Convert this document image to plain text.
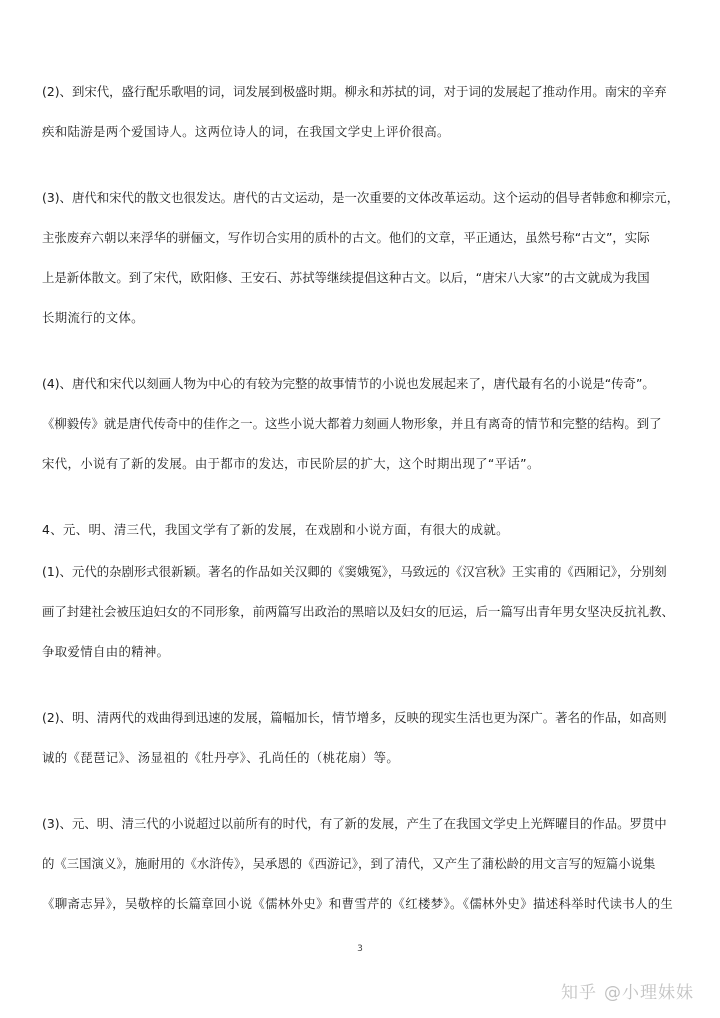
(2)、到宋代，盛行配乐歌唱的词，词发展到极盛时期。柳永和苏拭的词，对于词的发展起了推动作用。南宋的辛弃
疾和陆游是两个爱国诗人。这两位诗人的词，在我国文学史上评价很高。
(3)、唐代和宋代的散文也很发达。唐代的古文运动，是一次重要的文体改革运动。这个运动的倡导者韩愈和柳宗元，
主张废弃六朝以来浮华的骈俪文，写作切合实用的质朴的古文。他们的文章，平正通达，虽然号称“古文”，实际
上是新体散文。到了宋代，欧阳修、王安石、苏拭等继续提倡这种古文。以后，“唐宋八大家”的古文就成为我国
长期流行的文体。
(4)、唐代和宋代以刻画人物为中心的有较为完整的故事情节的小说也发展起来了，唐代最有名的小说是“传奇”。
《柳毅传》就是唐代传奇中的佳作之一。这些小说大都着力刻画人物形象，并且有离奇的情节和完整的结构。到了
宋代，小说有了新的发展。由于都市的发达，市民阶层的扩大，这个时期出现了“平话”。
4、元、明、清三代，我国文学有了新的发展，在戏剧和小说方面，有很大的成就。
(1)、元代的杂剧形式很新颖。著名的作品如关汉卿的《窦娥冤》，马致远的《汉宫秋》王实甫的《西厢记》，分别刻
画了封建社会被压迫妇女的不同形象，前两篇写出政治的黑暗以及妇女的厄运，后一篇写出青年男女坚决反抗礼教、
争取爱情自由的精神。
(2)、明、清两代的戏曲得到迅速的发展，篇幅加长，情节增多，反映的现实生活也更为深广。著名的作品，如高则
诚的《琵琶记》、汤显祖的《牡丹亭》、孔尚任的（桃花扇）等。
(3)、元、明、清三代的小说超过以前所有的时代，有了新的发展，产生了在我国文学史上光辉曜目的作品。罗贯中
的《三国演义》，施耐用的《水浒传》，吴承恩的《西游记》，到了清代，又产生了蒲松龄的用文言写的短篇小说集
《聊斋志异》，吴敬梓的长篇章回小说《儒林外史》和曹雪芹的《红楼梦》。《儒林外史》描述科举时代读书人的生
3
知乎 @小理妹妹
